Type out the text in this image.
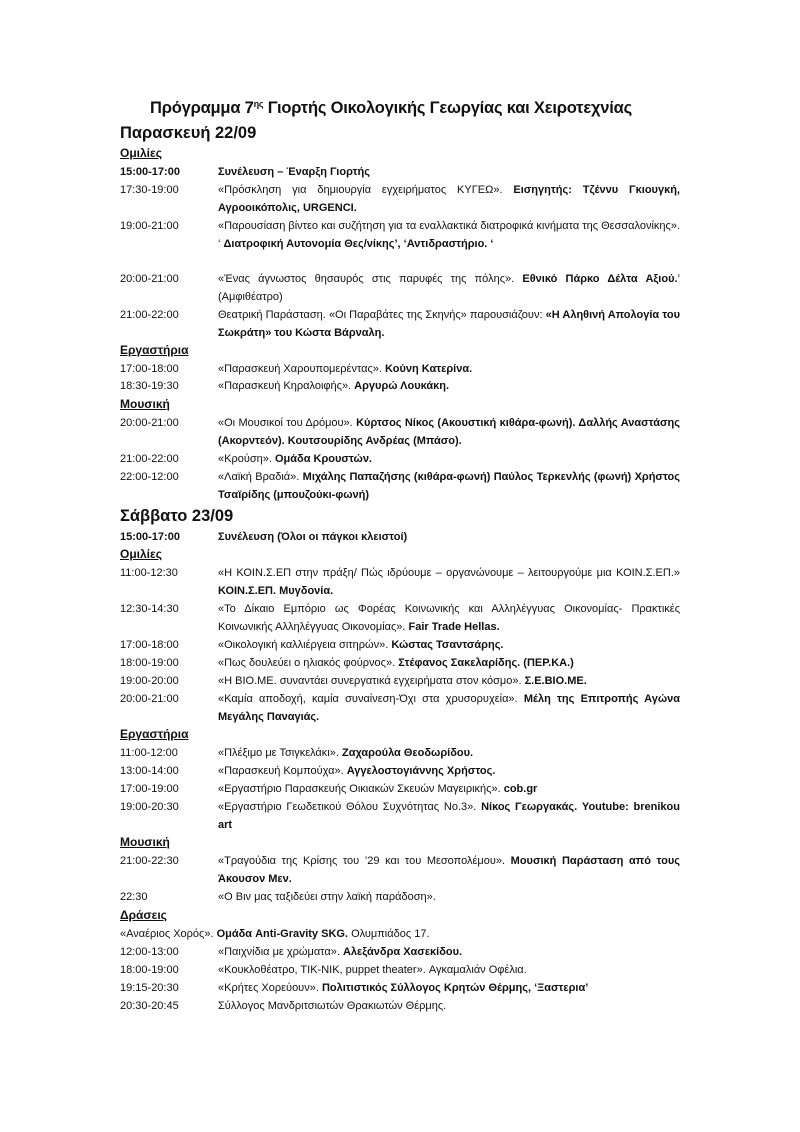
Πρόγραμμα $7^{\eta\varsigma}$ Γιορτής Οικολογικής Γεωργίας και Χειροτεχνίας
Παρασκευή 22/09
Ομιλίες
15:00-17:00	Συνέλευση – Έναρξη Γιορτής
17:30-19:00	«Πρόσκληση για δημιουργία εγχειρήματος ΚΥΓΕΩ». Εισηγητής: Τζέννυ Γκιουγκή, Αγροοικόπολις, URGENCI.
19:00-21:00	«Παρουσίαση βίντεο και συζήτηση για τα εναλλακτικά διατροφικά κινήματα της Θεσσαλονίκης». ‘ Διατροφική Αυτονομία Θες/νίκης’, ‘Αντιδραστήριο. ‘
20:00-21:00	«Ένας άγνωστος θησαυρός στις παρυφές της πόλης». Εθνικό Πάρκο Δέλτα Αξιού.’ (Αμφιθέατρο)
21:00-22:00	Θεατρική Παράσταση. «Οι Παραβάτες της Σκηνής» παρουσιάζουν: «Η Αληθινή Απολογία του Σωκράτη» του Κώστα Βάρναλη.
Εργαστήρια
17:00-18:00	«Παρασκευή Χαρουπομερέντας». Κούνη Κατερίνα.
18:30-19:30	«Παρασκευή Κηραλοιφής». Αργυρώ Λουκάκη.
Μουσική
20:00-21:00	«Οι Μουσικοί του Δρόμου». Κύρτσος Νίκος (Ακουστική κιθάρα-φωνή). Δαλλής Αναστάσης (Ακορντεόν). Κουτσουρίδης Ανδρέας (Μπάσο).
21:00-22:00	«Κρούση». Ομάδα Κρουστών.
22:00-12:00	«Λαϊκή Βραδιά». Μιχάλης Παπαζήσης (κιθάρα-φωνή) Παύλος Τερκενλής (φωνή) Χρήστος Τσαϊρίδης (μπουζούκι-φωνή)
Σάββατο 23/09
15:00-17:00	Συνέλευση (Όλοι οι πάγκοι κλειστοί)
Ομιλίες
11:00-12:30	«Η ΚΟΙΝ.Σ.ΕΠ στην πράξη/ Πώς ιδρύουμε – οργανώνουμε – λειτουργούμε μια ΚΟΙΝ.Σ.ΕΠ.» ΚΟΙΝ.Σ.ΕΠ. Μυγδονία.
12:30-14:30	«Το Δίκαιο Εμπόριο ως Φορέας Κοινωνικής και Αλληλέγγυας Οικονομίας- Πρακτικές Κοινωνικής Αλληλέγγυας Οικονομίας». Fair Trade Hellas.
17:00-18:00	«Οικολογική καλλιέργεια σιτηρών». Κώστας Τσαντσάρης.
18:00-19:00	«Πως δουλεύει ο ηλιακός φούρνος». Στέφανος Σακελαρίδης. (ΠΕΡ.ΚΑ.)
19:00-20:00	«Η ΒΙΟ.ΜΕ. συναντάει συνεργατικά εγχειρήματα στον κόσμο». Σ.Ε.ΒΙΟ.ΜΕ.
20:00-21:00	«Καμία αποδοχή, καμία συναίνεση-Όχι στα χρυσορυχεία». Μέλη της Επιτροπής Αγώνα Μεγάλης Παναγιάς.
Εργαστήρια
11:00-12:00	«Πλέξιμο με Τσιγκελάκι». Ζαχαρούλα Θεοδωρίδου.
13:00-14:00	«Παρασκευή Κομπούχα». Αγγελοστογιάννης Χρήστος.
17:00-19:00	«Εργαστήριο Παρασκευής Οικιακών Σκευών Μαγειρικής». cob.gr
19:00-20:30	«Εργαστήριο Γεωδετικού Θόλου Συχνότητας Νο.3». Νίκος Γεωργακάς. Youtube: brenikou art
Μουσική
21:00-22:30	«Τραγούδια της Κρίσης του ’29 και του Μεσοπολέμου». Μουσική Παράσταση από τους Άκουσον Μεν.
22:30	«Ο Βιν μας ταξιδεύει στην λαϊκή παράδοση».
Δράσεις
«Αναέριος Χορός». Ομάδα Anti-Gravity SKG. Ολυμπιάδος 17.
12:00-13:00	«Παιχνίδια με χρώματα». Αλεξάνδρα Χασεκίδου.
18:00-19:00	«Κουκλοθέατρο, ΤΙΚ-ΝΙΚ, puppet theater». Αγκαμαλιάν Οφέλια.
19:15-20:30	«Κρήτες Χορεύουν». Πολιτιστικός Σύλλογος Κρητών Θέρμης, ‘Ξαστερια’
20:30-20:45	Σύλλογος Μανδριτσιωτών Θρακιωτών Θέρμης.
